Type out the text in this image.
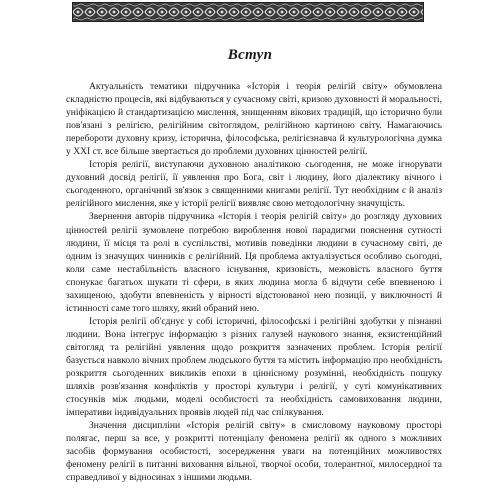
Вступ

Актуальність тематики підручника «Історія і теорія релігій світу» обумовлена складністю процесів, які відбуваються у сучасному світі, кризою духовності й моральності, уніфікацією й стандартизацією мислення, знищенням вікових традицій, що історично були пов'язані з релігією, релігійним світоглядом, релігійною картиною світу. Намагаючись перебороти духовну кризу, історична, філософська, релігієзнавча й культурологічна думка у XXI ст. все більше звертається до проблеми духовних цінностей релігії.

Історія релігії, виступаючи духовною аналітикою сьогодення, не може ігнорувати духовний досвід релігії, її уявлення про Бога, світ і людину, його діалектику вічного і сьогоденного, органічний зв'язок з священними книгами релігії. Тут необхідним є й аналіз релігійного мислення, яке у історії релігії виявляє свою методологічну значущість.

Звернення авторів підручника «Історія і теорія релігій світу» до розгляду духовних цінностей релігії зумовлене потребою вироблення нової парадигми пояснення сутності людини, її місця та ролі в суспільстві, мотивів поведінки людини в сучасному світі, де одним із значущих чинників є релігійний. Ця проблема актуалізується особливо сьогодні, коли саме нестабільність власного існування, кризовість, межовість власного буття спонукає багатьох шукати ті сфери, в яких людина могла б відчути себе впевненою і захищеною, здобути впевненість у вірності відстоюваної нею позиції, у виключності й істинності саме того шляху, який обраний нею.

Історія релігії об'єднує у собі історичні, філософські і релігійні здобутки у пізнанні людини. Вона інтегрує інформацію з різних галузей наукового знання, екзистенційний світогляд та релігійні уявлення щодо розкриття зазначених проблем. Історія релігії базується навколо вічних проблем людського буття та містить інформацію про необхідність розкриття сьогоденних викликів епохи в ціннісному розумінні, необхідність пошуку шляхів розв'язання конфліктів у просторі культури і релігії, у суті комунікативних стосунків між людьми, моделі особистості та необхідність самовиховання людини, імперативи індивідуальних проявів людей під час спілкування.

Значення дисципліни «Історія релігій світу» в смисловому науковому просторі полягає, перш за все, у розкритті потенціалу феномена релігії як одного з можливих засобів формування особистості, зосередження уваги на потенційних можливостях феномену релігії в питанні виховання вільної, творчої особи, толерантної, милосердної та справедливої у відносинах з іншими людьми.
